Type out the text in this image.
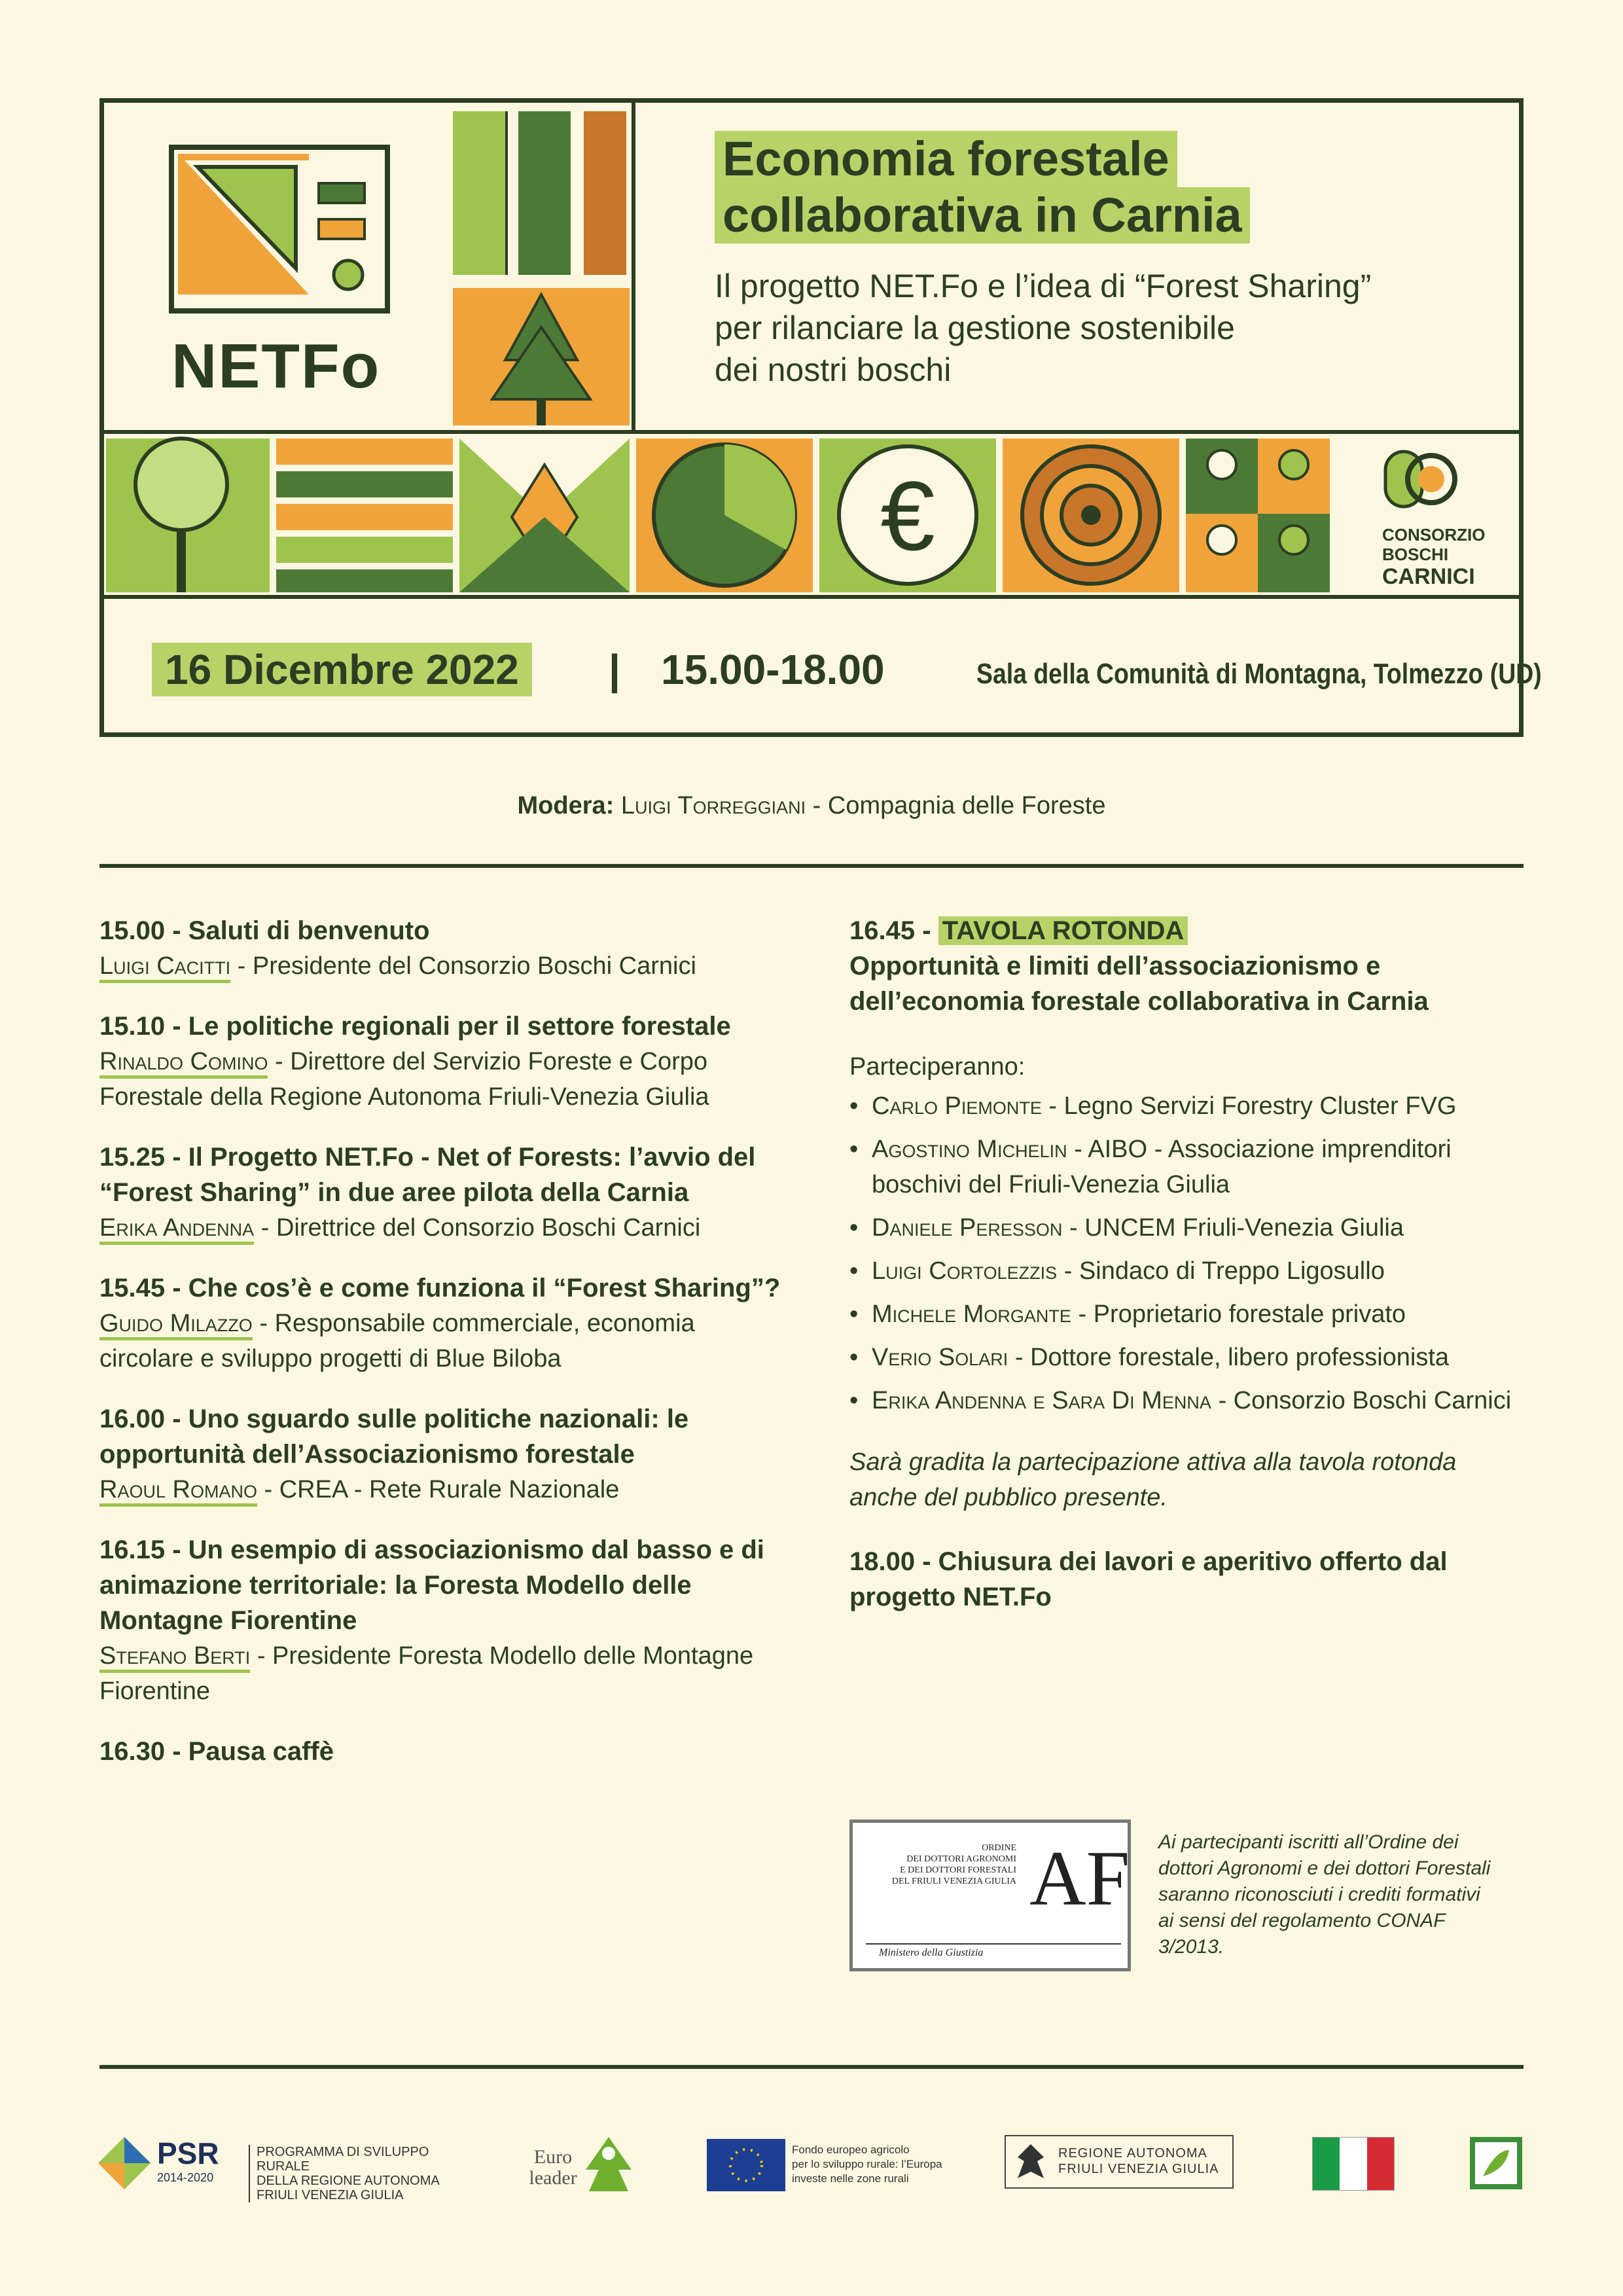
€
NETFo
Economia forestale
collaborativa in Carnia
Il progetto NET.Fo e l’idea di “Forest Sharing”
per rilanciare la gestione sostenibile
dei nostri boschi
CONSORZIO
BOSCHI
CARNICI
16 Dicembre 2022	| 15.00-18.00	Sala della Comunità di Montagna, Tolmezzo (UD)
Modera: Luigi Torreggiani - Compagnia delle Foreste
15.00 - Saluti di benvenuto
Luigi Cacitti - Presidente del Consorzio Boschi Carnici
15.10 - Le politiche regionali per il settore forestale
Rinaldo Comino - Direttore del Servizio Foreste e Corpo Forestale della Regione Autonoma Friuli-Venezia Giulia
15.25 - Il Progetto NET.Fo - Net of Forests: l’avvio del “Forest Sharing” in due aree pilota della Carnia
Erika Andenna - Direttrice del Consorzio Boschi Carnici
15.45 - Che cos’è e come funziona il “Forest Sharing”?
Guido Milazzo - Responsabile commerciale, economia circolare e sviluppo progetti di Blue Biloba
16.00 - Uno sguardo sulle politiche nazionali: le opportunità dell’Associazionismo forestale
Raoul Romano - CREA - Rete Rurale Nazionale
16.15 - Un esempio di associazionismo dal basso e di animazione territoriale: la Foresta Modello delle Montagne Fiorentine
Stefano Berti - Presidente Foresta Modello delle Montagne Fiorentine
16.30 - Pausa caffè
16.45 - TAVOLA ROTONDA
Opportunità e limiti dell’associazionismo e dell’economia forestale collaborativa in Carnia
Parteciperanno:
• Carlo Piemonte - Legno Servizi Forestry Cluster FVG
• Agostino Michelin - AIBO - Associazione imprenditori boschivi del Friuli-Venezia Giulia
• Daniele Peresson - UNCEM Friuli-Venezia Giulia
• Luigi Cortolezzis - Sindaco di Treppo Ligosullo
• Michele Morgante - Proprietario forestale privato
• Verio Solari - Dottore forestale, libero professionista
• Erika Andenna e Sara Di Menna - Consorzio Boschi Carnici
Sarà gradita la partecipazione attiva alla tavola rotonda anche del pubblico presente.
18.00 - Chiusura dei lavori e aperitivo offerto dal progetto NET.Fo
ORDINE
DEI DOTTORI AGRONOMI
E DEI DOTTORI FORESTALI
DEL FRIULI VENEZIA GIULIA AF
Ministero della Giustizia
Ai partecipanti iscritti all’Ordine dei dottori Agronomi e dei dottori Forestali saranno riconosciuti i crediti formativi ai sensi del regolamento CONAF 3/2013.
PSR
2014-2020
PROGRAMMA DI SVILUPPO RURALE
DELLA REGIONE AUTONOMA
FRIULI VENEZIA GIULIA
Euro leader
Fondo europeo agricolo
per lo sviluppo rurale: l’Europa
investe nelle zone rurali
REGIONE AUTONOMA
FRIULI VENEZIA GIULIA
